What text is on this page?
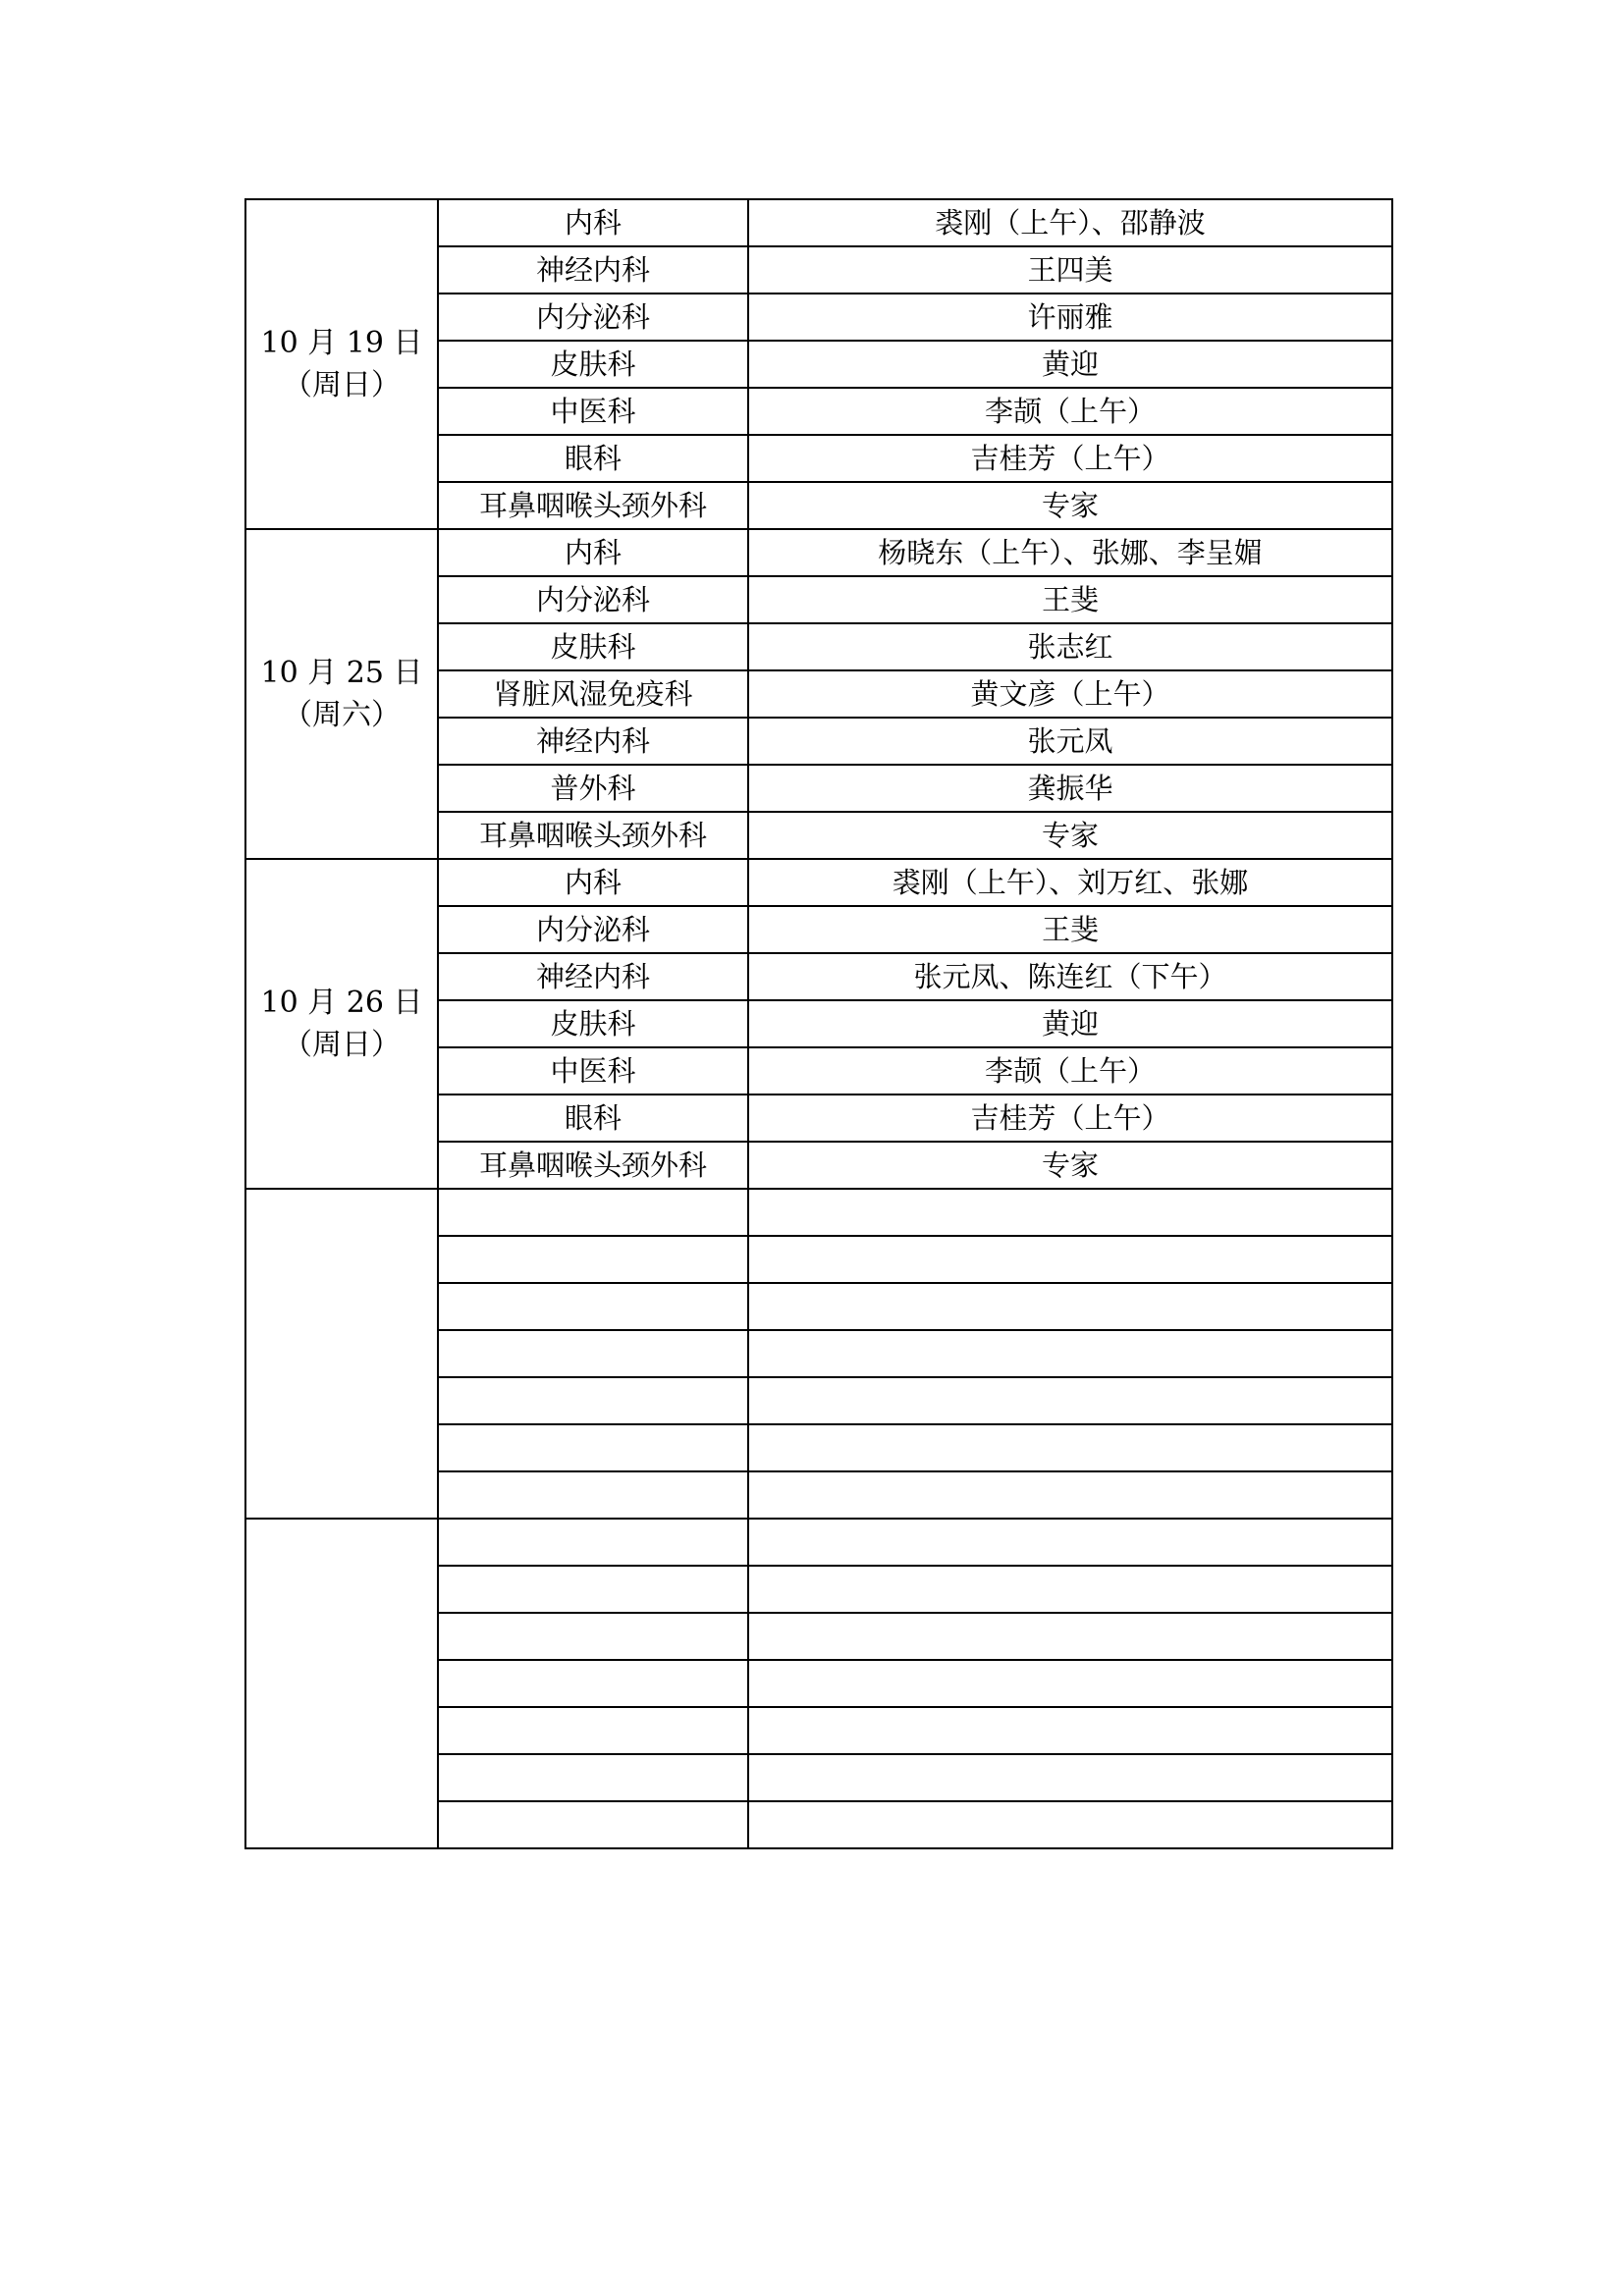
10 月 19 日
（周日）	内科	裘刚（上午）、邵静波
	神经内科	王四美
	内分泌科	许丽雅
	皮肤科	黄迎
	中医科	李颉（上午）
	眼科	吉桂芳（上午）
	耳鼻咽喉头颈外科	专家

10 月 25 日
（周六）	内科	杨晓东（上午）、张娜、李呈媚
	内分泌科	王斐
	皮肤科	张志红
	肾脏风湿免疫科	黄文彦（上午）
	神经内科	张元凤
	普外科	龚振华
	耳鼻咽喉头颈外科	专家

10 月 26 日
（周日）	内科	裘刚（上午）、刘万红、张娜
	内分泌科	王斐
	神经内科	张元凤、陈连红（下午）
	皮肤科	黄迎
	中医科	李颉（上午）
	眼科	吉桂芳（上午）
	耳鼻咽喉头颈外科	专家
